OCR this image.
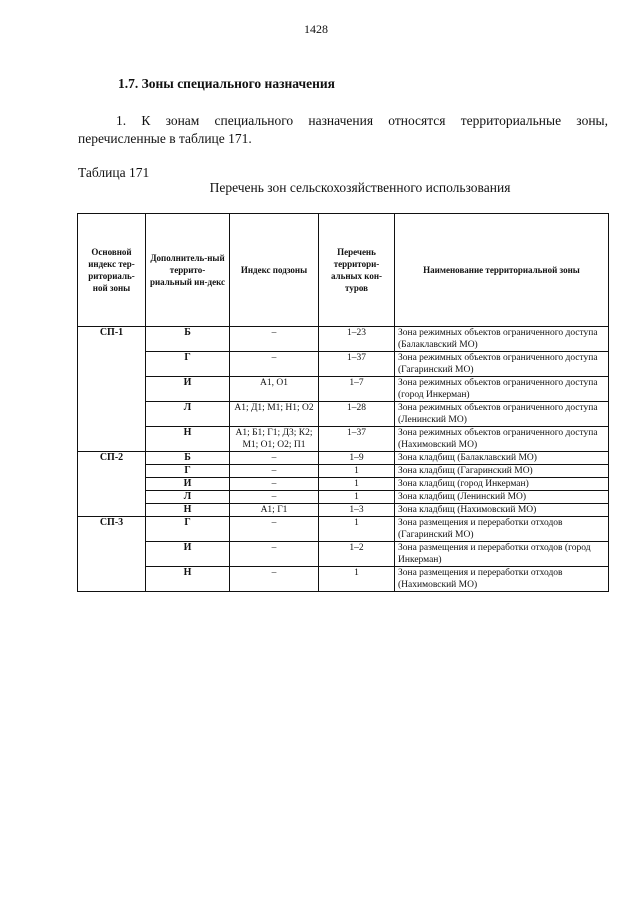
1428
1.7. Зоны специального назначения
1. К зонам специального назначения относятся территориальные зоны, перечисленные в таблице 171.
Таблица 171
Перечень зон сельскохозяйственного использования
Основной индекс тер-риториаль-ной зоны	Дополнитель-ный террито-риальный ин-декс	Индекс подзоны	Перечень территори-альных кон-туров	Наименование территориальной зоны
СП-1	Б	–	1–23	Зона режимных объектов ограниченного доступа (Балаклавский МО)
	Г	–	1–37	Зона режимных объектов ограниченного доступа (Гагаринский МО)
	И	А1, О1	1–7	Зона режимных объектов ограниченного доступа (город Инкерман)
	Л	А1; Д1; М1; Н1; О2	1–28	Зона режимных объектов ограниченного доступа (Ленинский МО)
	Н	А1; Б1; Г1; Д3; К2; М1; О1; О2; П1	1–37	Зона режимных объектов ограниченного доступа (Нахимовский МО)
СП-2	Б	–	1–9	Зона кладбищ (Балаклавский МО)
	Г	–	1	Зона кладбищ (Гагаринский МО)
	И	–	1	Зона кладбищ (город Инкерман)
	Л	–	1	Зона кладбищ (Ленинский МО)
	Н	А1; Г1	1–3	Зона кладбищ (Нахимовский МО)
СП-3	Г	–	1	Зона размещения и переработки отходов (Гагаринский МО)
	И	–	1–2	Зона размещения и переработки отходов (город Инкерман)
	Н	–	1	Зона размещения и переработки отходов (Нахимовский МО)
